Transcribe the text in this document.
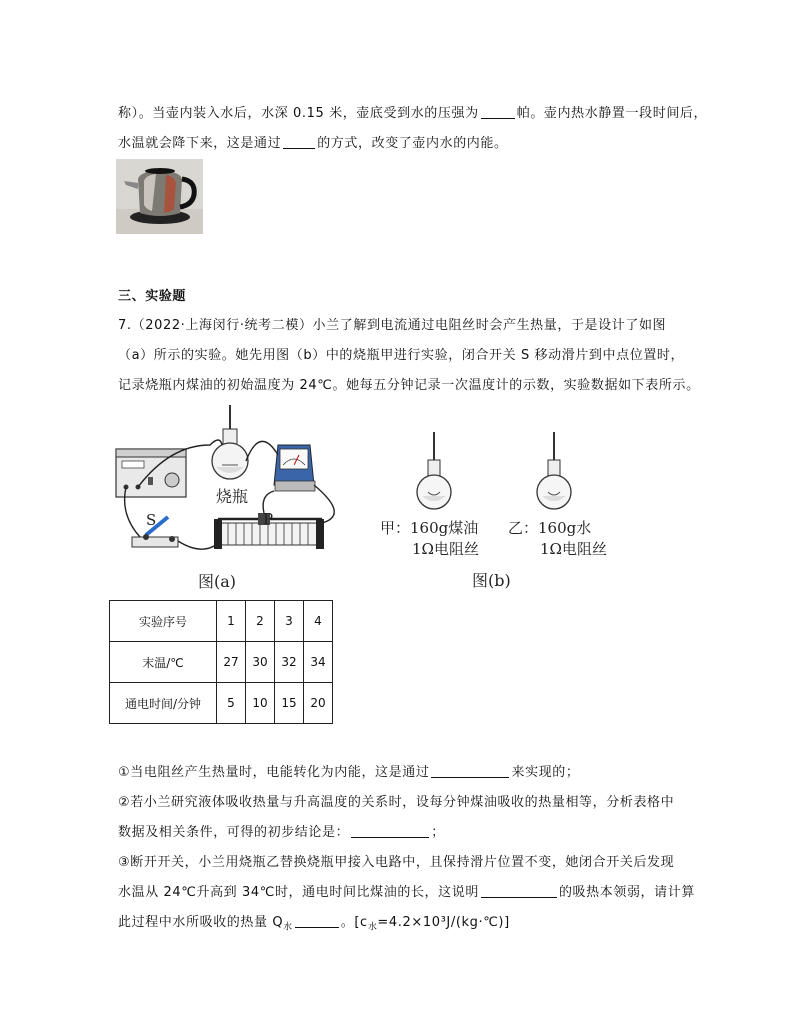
称）。当壶内装入水后，水深 0.15 米，壶底受到水的压强为	帕。壶内热水静置一段时间后，
水温就会降下来，这是通过	的方式，改变了壶内水的内能。
三、实验题
7.（2022·上海闵行·统考二模）小兰了解到电流通过电阻丝时会产生热量，于是设计了如图
（a）所示的实验。她先用图（b）中的烧瓶甲进行实验，闭合开关 S 移动滑片到中点位置时，
记录烧瓶内煤油的初始温度为 24℃。她每五分钟记录一次温度计的示数，实验数据如下表所示。
烧瓶
S	P
A
图(a)
甲：160g煤油
1Ω电阻丝
乙：160g水
1Ω电阻丝
图(b)
实验序号	1	2	3	4
末温/℃	27	30	32	34
通电时间/分钟	5	10	15	20
①当电阻丝产生热量时，电能转化为内能，这是通过	来实现的；
②若小兰研究液体吸收热量与升高温度的关系时，设每分钟煤油吸收的热量相等，分析表格中
数据及相关条件，可得的初步结论是：	；
③断开开关，小兰用烧瓶乙替换烧瓶甲接入电路中，且保持滑片位置不变，她闭合开关后发现
水温从 24℃升高到 34℃时，通电时间比煤油的长，这说明	的吸热本领弱，请计算
此过程中水所吸收的热量 $Q_水$	。$[c_水=4.2\times 10^3J/(kg\cdot℃)]$
